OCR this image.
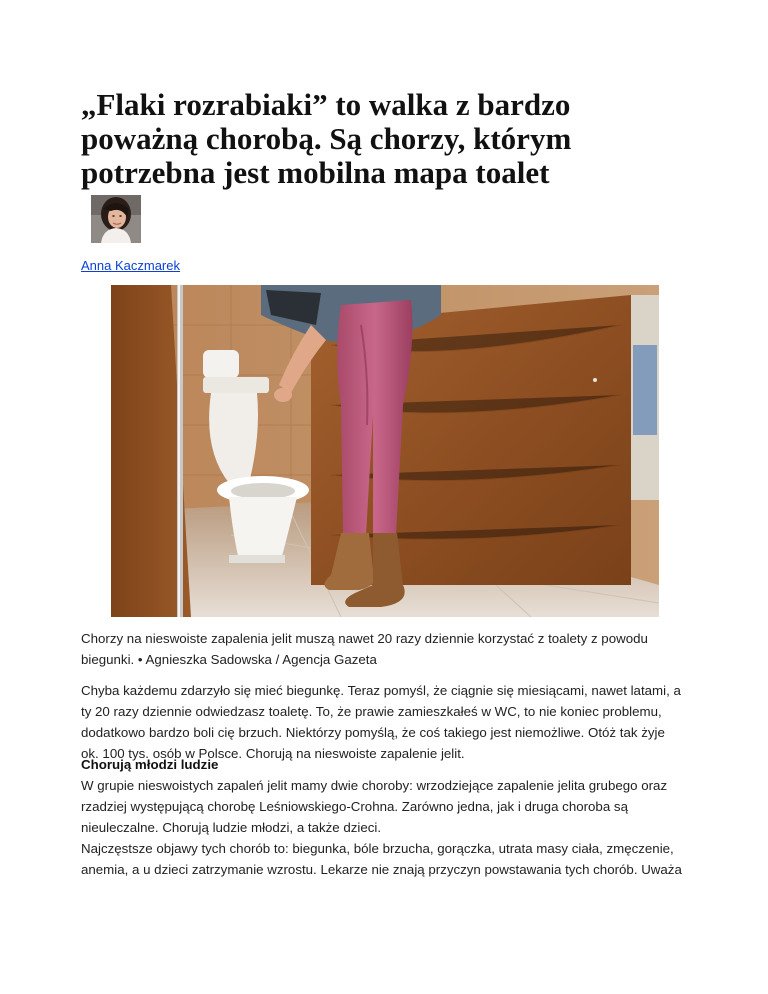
„Flaki rozrabiaki” to walka z bardzo
poważną chorobą. Są chorzy, którym
potrzebna jest mobilna mapa toalet
Anna Kaczmarek

Chorzy na nieswoiste zapalenia jelit muszą nawet 20 razy dziennie korzystać z toalety z powodu
biegunki. • Agnieszka Sadowska / Agencja Gazeta

Chyba każdemu zdarzyło się mieć biegunkę. Teraz pomyśl, że ciągnie się miesiącami, nawet latami, a
ty 20 razy dziennie odwiedzasz toaletę. To, że prawie zamieszkałeś w WC, to nie koniec problemu,
dodatkowo bardzo boli cię brzuch. Niektórzy pomyślą, że coś takiego jest niemożliwe. Otóż tak żyje
ok. 100 tys. osób w Polsce. Chorują na nieswoiste zapalenie jelit.

Chorują młodzi ludzie

W grupie nieswoistych zapaleń jelit mamy dwie choroby: wrzodziejące zapalenie jelita grubego oraz
rzadziej występującą chorobę Leśniowskiego-Crohna. Zarówno jedna, jak i druga choroba są
nieuleczalne. Chorują ludzie młodzi, a także dzieci.
Najczęstsze objawy tych chorób to: biegunka, bóle brzucha, gorączka, utrata masy ciała, zmęczenie,
anemia, a u dzieci zatrzymanie wzrostu. Lekarze nie znają przyczyn powstawania tych chorób. Uważa
